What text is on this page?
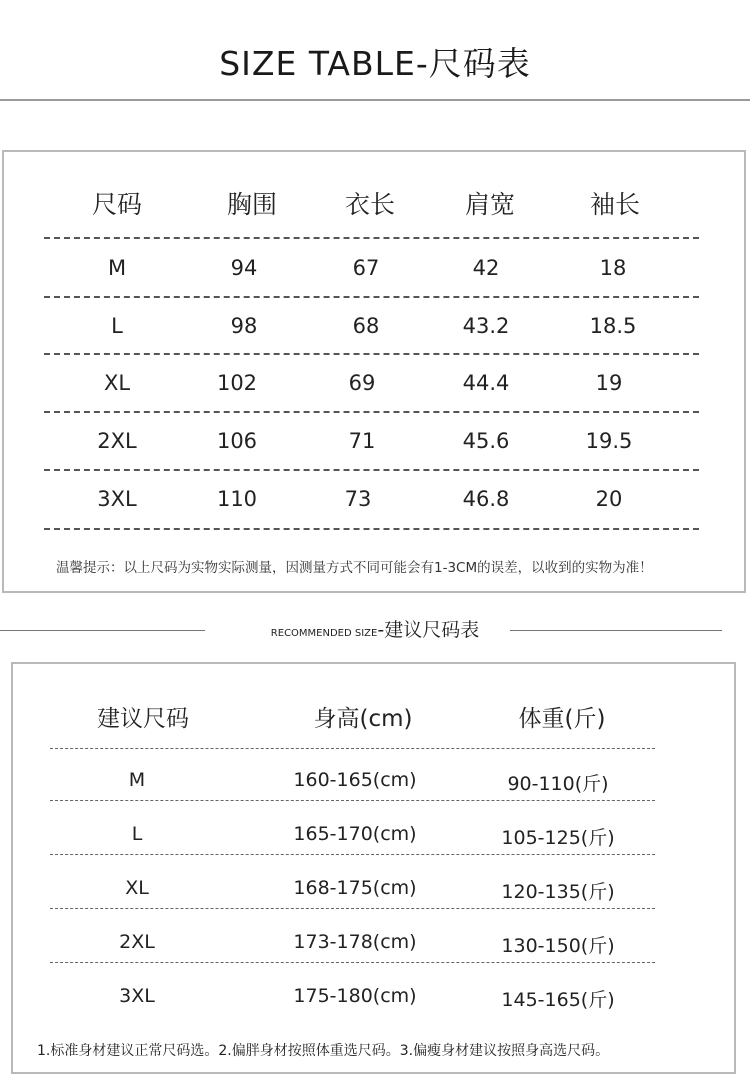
SIZE TABLE-尺码表
尺码	胸围	衣长	肩宽	袖长
M	94	67	42	18
L	98	68	43.2	18.5
XL	102	69	44.4	19
2XL	106	71	45.6	19.5
3XL	110	73	46.8	20
温馨提示：以上尺码为实物实际测量，因测量方式不同可能会有1-3CM的误差，以收到的实物为准！
RECOMMENDED SIZE-建议尺码表
建议尺码	身高(cm)	体重(斤)
M	160-165(cm)	90-110(斤)
L	165-170(cm)	105-125(斤)
XL	168-175(cm)	120-135(斤)
2XL	173-178(cm)	130-150(斤)
3XL	175-180(cm)	145-165(斤)
1.标准身材建议正常尺码选。2.偏胖身材按照体重选尺码。3.偏瘦身材建议按照身高选尺码。
